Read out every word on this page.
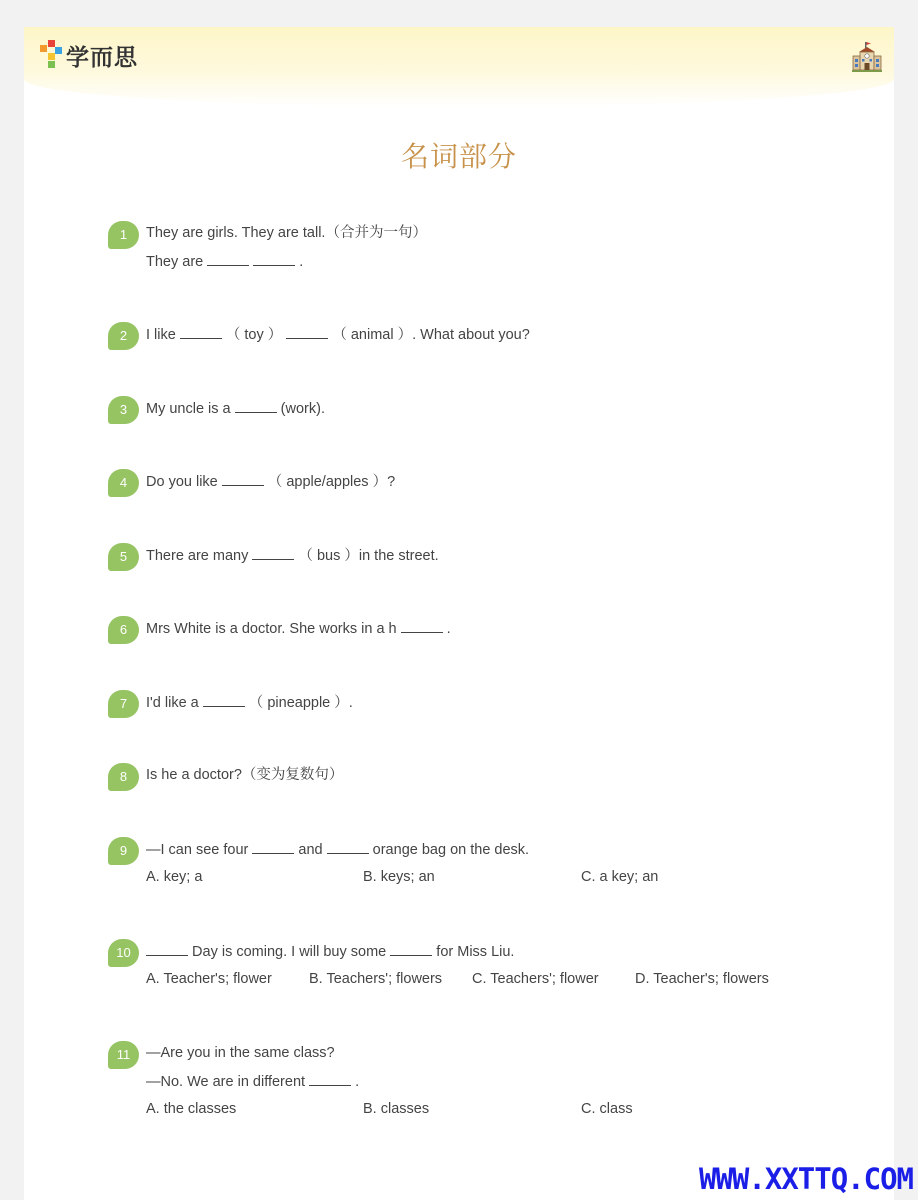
学而思
名词部分
1	They are girls. They are tall.（合并为一句）
They are	.
2	I like	（ toy ）	（ animal ）. What about you?
3	My uncle is a	(work).
4	Do you like	（ apple/apples ）?
5	There are many	（ bus ）in the street.
6	Mrs White is a doctor. She works in a h	.
7	I'd like a	（ pineapple ）.
8	Is he a doctor?（变为复数句）
9	—I can see four	and	orange bag on the desk.
A. key; a	B. keys; an	C. a key; an
10	Day is coming. I will buy some	for Miss Liu.
A. Teacher's; flower	B. Teachers'; flowers C. Teachers'; flower	D. Teacher's; flowers
11	—Are you in the same class?
—No. We are in different	.
A. the classes	B. classes	C. class
WWW.XXTTQ.COM
